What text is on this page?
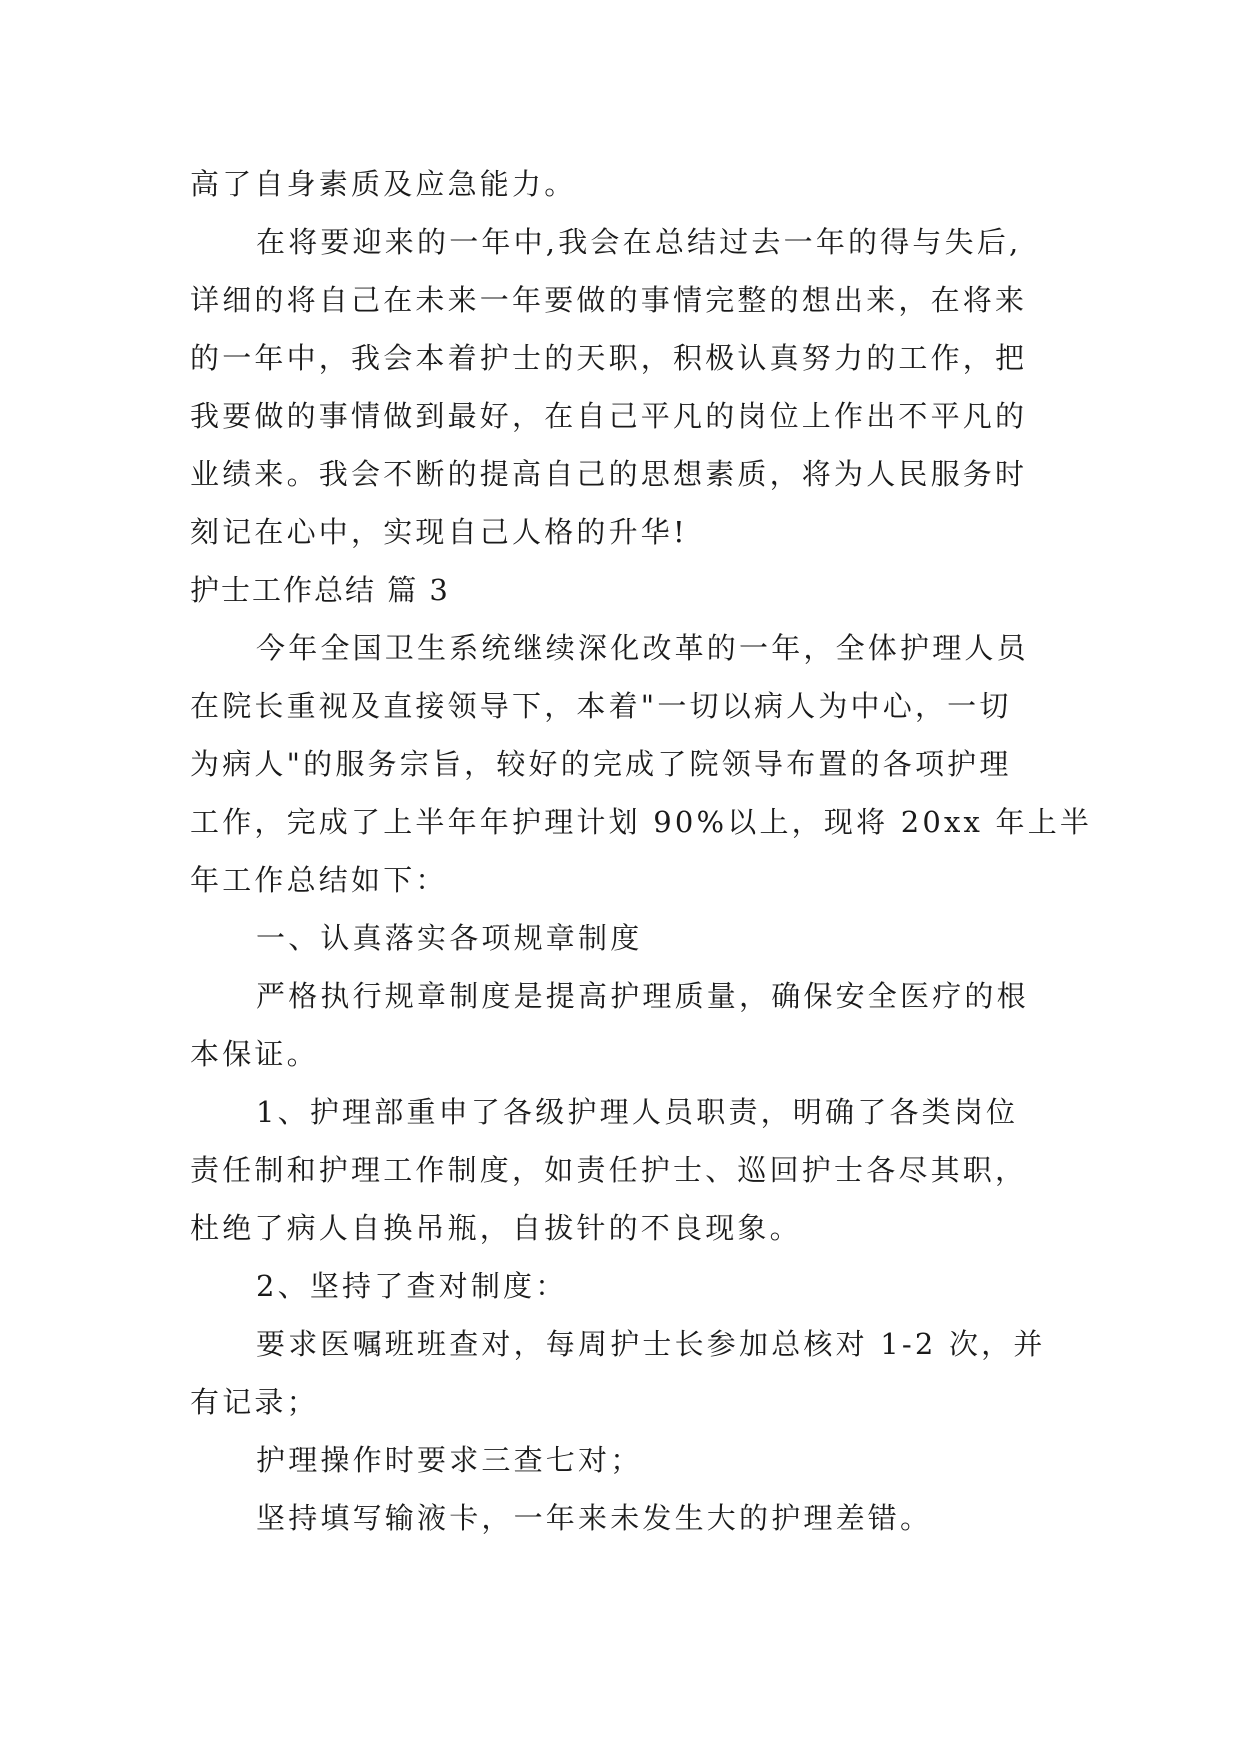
高了自身素质及应急能力。
在将要迎来的一年中,我会在总结过去一年的得与失后,
详细的将自己在未来一年要做的事情完整的想出来，在将来
的一年中，我会本着护士的天职，积极认真努力的工作，把
我要做的事情做到最好，在自己平凡的岗位上作出不平凡的
业绩来。我会不断的提高自己的思想素质，将为人民服务时
刻记在心中，实现自己人格的升华!
护士工作总结 篇 3
今年全国卫生系统继续深化改革的一年，全体护理人员
在院长重视及直接领导下，本着"一切以病人为中心，一切
为病人"的服务宗旨，较好的完成了院领导布置的各项护理
工作，完成了上半年年护理计划 90%以上，现将 20xx 年上半
年工作总结如下：
一、认真落实各项规章制度
严格执行规章制度是提高护理质量，确保安全医疗的根
本保证。
1、护理部重申了各级护理人员职责，明确了各类岗位
责任制和护理工作制度，如责任护士、巡回护士各尽其职，
杜绝了病人自换吊瓶，自拔针的不良现象。
2、坚持了查对制度：
要求医嘱班班查对，每周护士长参加总核对 1-2 次，并
有记录；
护理操作时要求三查七对；
坚持填写输液卡，一年来未发生大的护理差错。
